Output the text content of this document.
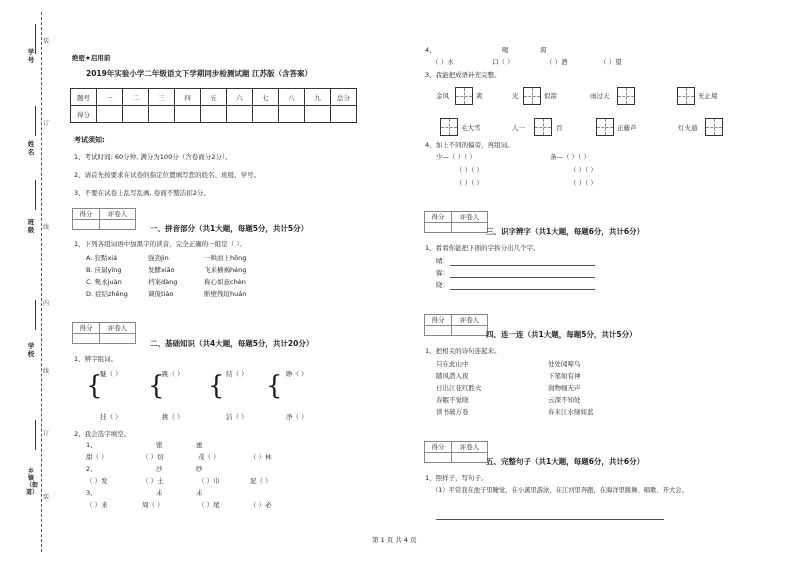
学号
姓名
班级
学校
乡镇（街道）
装
订
线
内
线
订
装
绝密★启用前
2019年实验小学二年级语文下学期同步检测试题 江苏版（含答案）
题号	一	二	三	四	五	六	七	八	九	总分
得分										
考试须知:
1、考试时间: 60分钟, 满分为100分（含卷面分2分）。
2、请首先按要求在试卷的指定位置填写您的姓名、班级、学号。
3、不要在试卷上乱写乱画, 卷面不整洁扣2分。
得分	评卷人
一、拼音部分（共1大题，每题5分，共计5分）
1、下列各组词语中加黑字的读音，完全正确的一组是（ ）。
A. 狡黠xiá	强劲jìn	一哄而上hōng
B. 应届yīng	发酵xiāo	飞来横祸héng
C. 隽永juàn	档案dàng	称心如意chèn
D. 症结zhēng	调侃tiáo	断壁残垣huán
得分	评卷人
二、基础知识（共4大题，每题5分，共计20分）
1、辨字组词。
{ { { {
魅（ ）	跳（ ）	结（ ）	睁（ ）
挂（ ）	挑（ ）	洁（ ）	净（ ）
2、我会选字填空。
1、	密	蜜
甜（ ）	（ ）切	茂（ ）	（ ）林
2、	沙	纱
（ ）发	（ ）土	（ ）巾	泥（ ）
3、	未	末
（ ）来	周（ ）	（ ）尾	（ ）必
4、	喝	渴
（ ）水	口（ ）	（ ）酒	（ ）望
3、我能把成语补充完整。
金风	爽	光	似箭	雨过天	无止境
毛大雪	人一	百	正藤芦	灯火通
4、加上不同的偏旁，再组词。
少—（ ）（ ）	条—（ ）（ ）
（ ）（ ）	（ ）（ ）
（ ）（ ）	（ ）（ ）
得分	评卷人
三、识字辨字（共1大题，每题6分，共计6分）
1、看看你能把下面的字拆分出几个字。
晴：
躲：
晓：
得分	评卷人
四、连一连（共1大题，每题5分，共计5分）
1、把相关的诗句连起来。
只在此山中	处处闻啼鸟
随风潜入夜	下笔如有神
日出江花红胜火	润物细无声
春眠不觉晓	云深不知处
读书破万卷	春来江水绿如蓝
得分	评卷人
五、完整句子（共1大题，每题6分，共计6分）
1、照样子，写句子。
（1）平常我在池子里睡觉，在小溪里游泳，在江河里奔跑，在海洋里跳舞、唱歌、开大会。
第 1 页 共 4 页
